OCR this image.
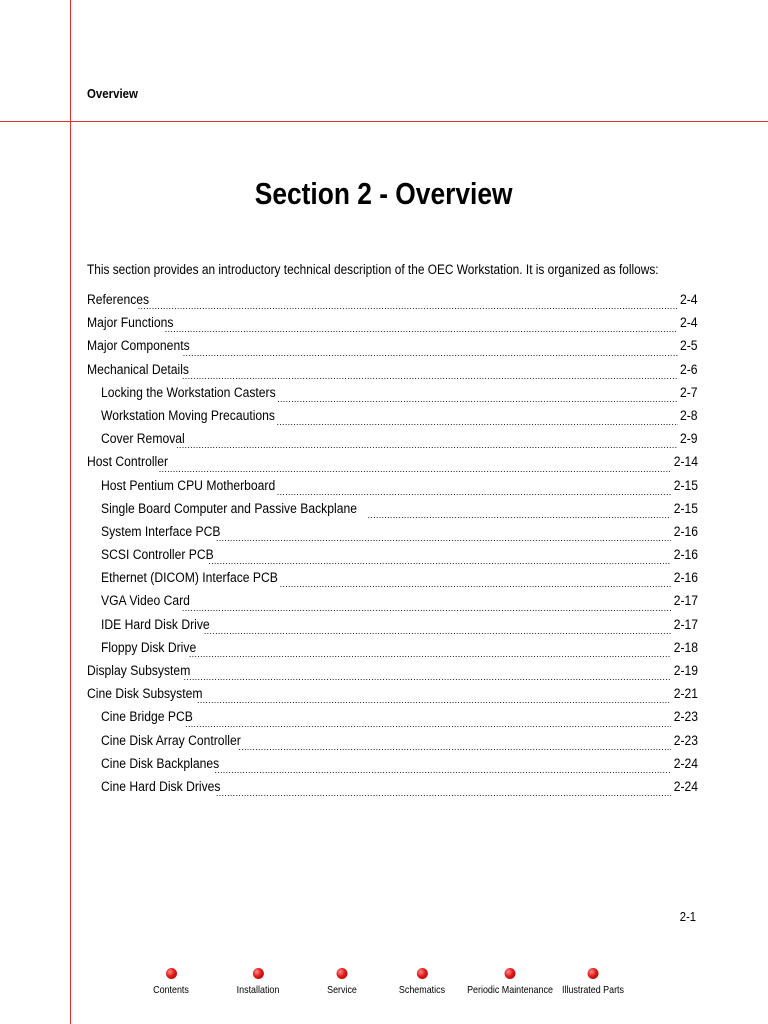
Overview
Section 2 - Overview
This section provides an introductory technical description of the OEC Workstation. It is organized as follows:
References .....	2-4
Major Functions .....	2-4
Major Components .....	2-5
Mechanical Details .....	2-6
Locking the Workstation Casters .....	2-7
Workstation Moving Precautions .....	2-8
Cover Removal .....	2-9
Host Controller .....	2-14
Host Pentium CPU Motherboard .....	2-15
Single Board Computer and Passive Backplane .....	2-15
System Interface PCB .....	2-16
SCSI Controller PCB .....	2-16
Ethernet (DICOM) Interface PCB .....	2-16
VGA Video Card .....	2-17
IDE Hard Disk Drive .....	2-17
Floppy Disk Drive .....	2-18
Display Subsystem .....	2-19
Cine Disk Subsystem .....	2-21
Cine Bridge PCB .....	2-23
Cine Disk Array Controller .....	2-23
Cine Disk Backplanes .....	2-24
Cine Hard Disk Drives .....	2-24
2-1
Contents	Installation	Service	Schematics Periodic Maintenance Illustrated Parts
